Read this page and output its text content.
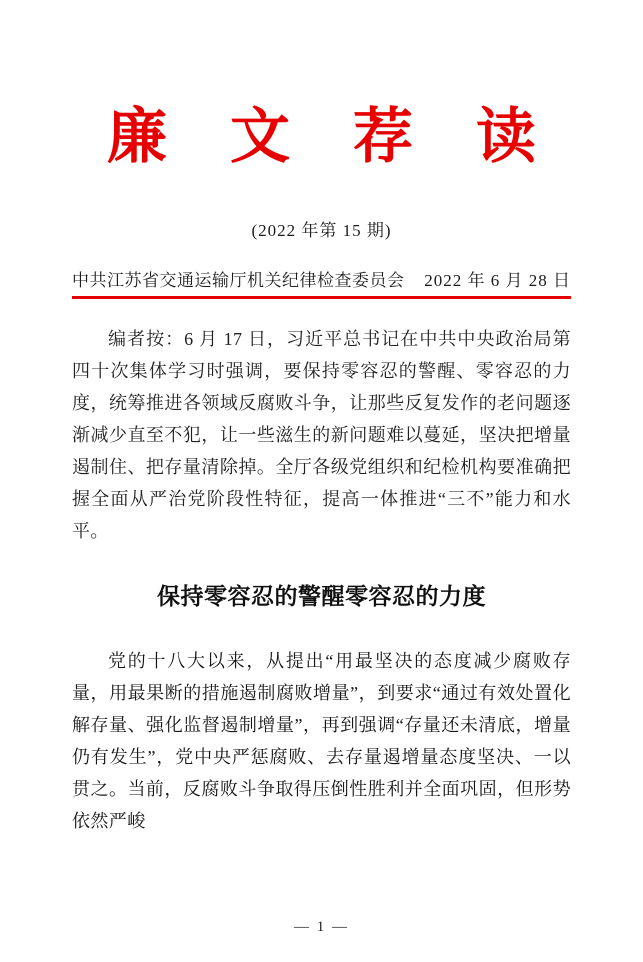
廉 文 荐 读
(2022 年第 15 期)
中共江苏省交通运输厅机关纪律检查委员会 2022 年 6 月 28 日

编者按：6 月 17 日，习近平总书记在中共中央政治局第四十次集体学习时强调，要保持零容忍的警醒、零容忍的力度，统筹推进各领域反腐败斗争，让那些反复发作的老问题逐渐减少直至不犯，让一些滋生的新问题难以蔓延，坚决把增量遏制住、把存量清除掉。全厅各级党组织和纪检机构要准确把握全面从严治党阶段性特征，提高一体推进“三不”能力和水平。

保持零容忍的警醒零容忍的力度

党的十八大以来，从提出“用最坚决的态度减少腐败存量，用最果断的措施遏制腐败增量”，到要求“通过有效处置化解存量、强化监督遏制增量”，再到强调“存量还未清底，增量仍有发生”，党中央严惩腐败、去存量遏增量态度坚决、一以贯之。当前，反腐败斗争取得压倒性胜利并全面巩固，但形势依然严峻

— 1 —
